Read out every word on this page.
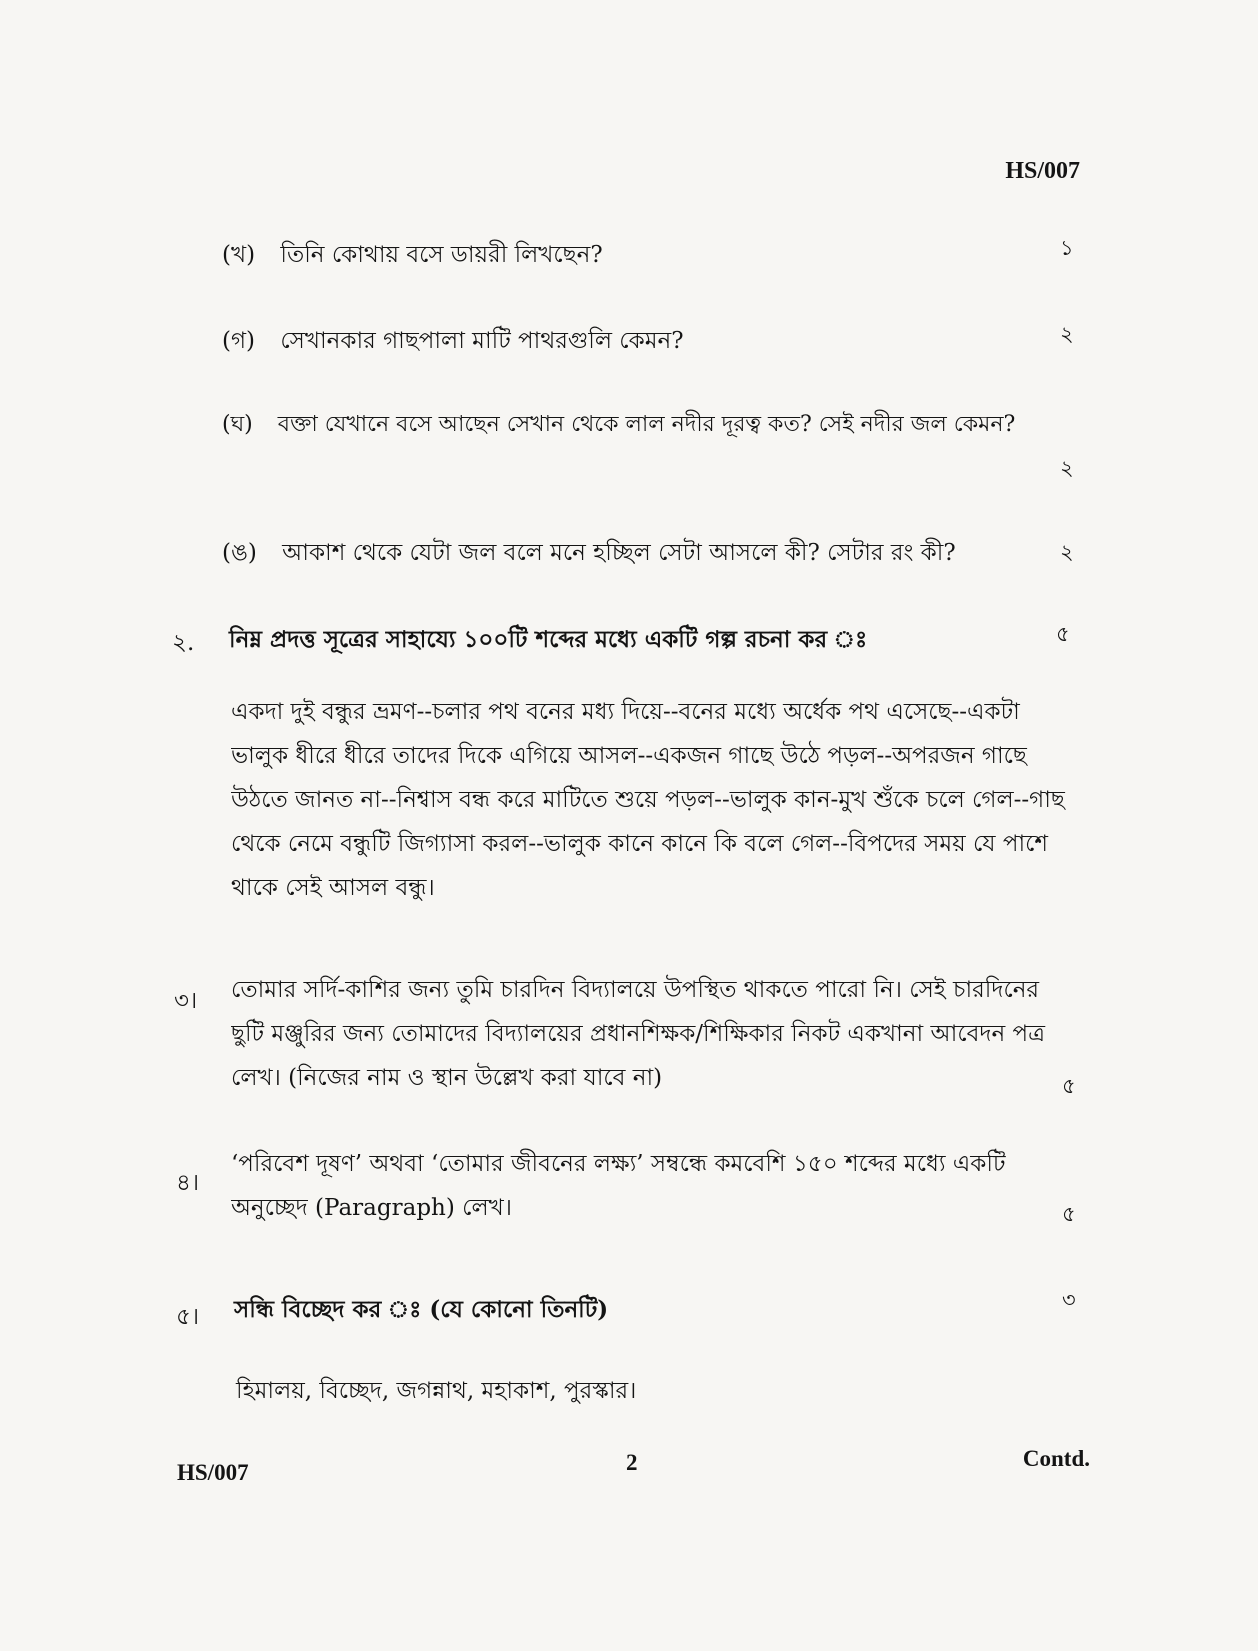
HS/007
(খ) তিনি কোথায় বসে ডায়রী লিখছেন?	১
(গ) সেখানকার গাছপালা মাটি পাথরগুলি কেমন?	২
(ঘ) বক্তা যেখানে বসে আছেন সেখান থেকে লাল নদীর দূরত্ব কত? সেই নদীর জল কেমন?
২
(ঙ) আকাশ থেকে যেটা জল বলে মনে হচ্ছিল সেটা আসলে কী? সেটার রং কী?	২
২. নিম্ন প্রদত্ত সূত্রের সাহায্যে ১০০টি শব্দের মধ্যে একটি গল্প রচনা কর ঃ	৫
একদা দুই বন্ধুর ভ্রমণ--চলার পথ বনের মধ্য দিয়ে--বনের মধ্যে অর্ধেক পথ এসেছে--একটা
ভালুক ধীরে ধীরে তাদের দিকে এগিয়ে আসল--একজন গাছে উঠে পড়ল--অপরজন গাছে
উঠতে জানত না--নিশ্বাস বন্ধ করে মাটিতে শুয়ে পড়ল--ভালুক কান-মুখ শুঁকে চলে গেল--গাছ
থেকে নেমে বন্ধুটি জিগ্যাসা করল--ভালুক কানে কানে কি বলে গেল--বিপদের সময় যে পাশে
থাকে সেই আসল বন্ধু।
৩। তোমার সর্দি-কাশির জন্য তুমি চারদিন বিদ্যালয়ে উপস্থিত থাকতে পারো নি। সেই চারদিনের
ছুটি মঞ্জুরির জন্য তোমাদের বিদ্যালয়ের প্রধানশিক্ষক/শিক্ষিকার নিকট একখানা আবেদন পত্র
লেখ। (নিজের নাম ও স্থান উল্লেখ করা যাবে না)	৫
৪।
‘পরিবেশ দূষণ’ অথবা ‘তোমার জীবনের লক্ষ্য’ সম্বন্ধে কমবেশি ১৫০ শব্দের মধ্যে একটি
অনুচ্ছেদ (Paragraph) লেখ।	৫
৫। সন্ধি বিচ্ছেদ কর ঃ (যে কোনো তিনটি)	৩
হিমালয়, বিচ্ছেদ, জগন্নাথ, মহাকাশ, পুরস্কার।
HS/007	2	Contd.
